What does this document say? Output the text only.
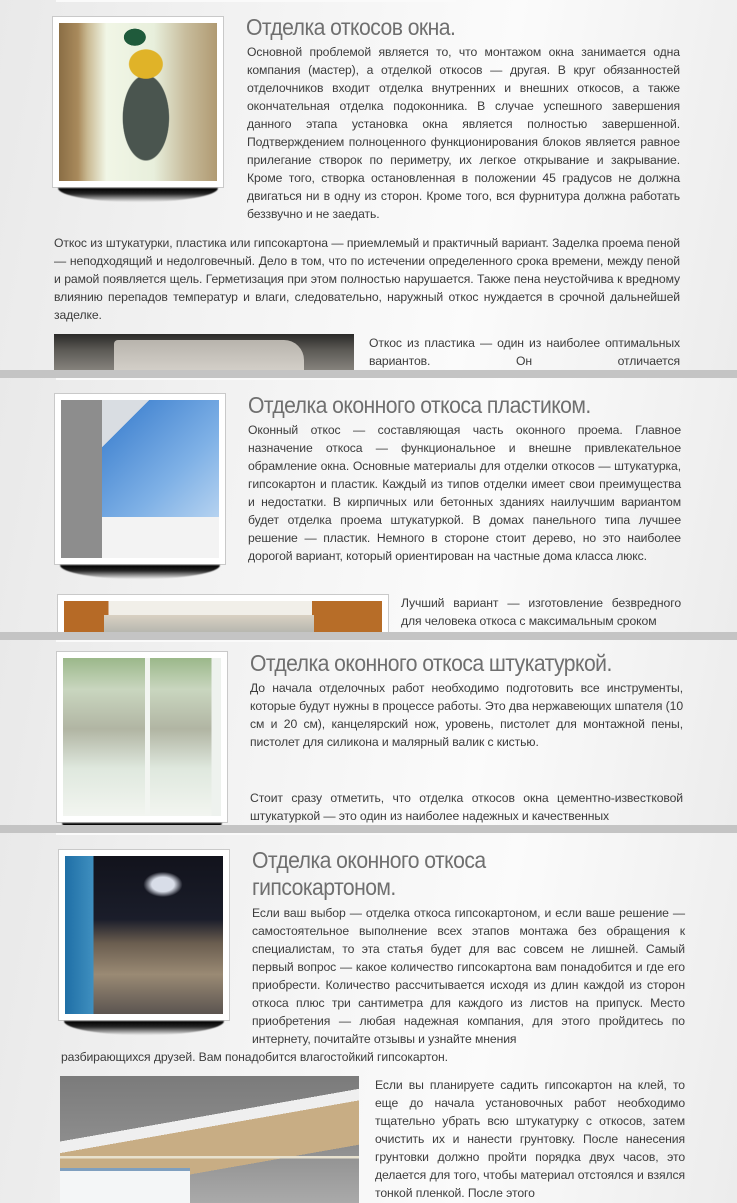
Отделка откосов окна.

Основной проблемой является то, что монтажом окна занимается одна компания (мастер), а отделкой откосов — другая. В круг обязанностей отделочников входит отделка внутренних и внешних откосов, а также окончательная отделка подоконника. В случае успешного завершения данного этапа установка окна является полностью завершенной. Подтверждением полноценного функционирования блоков является равное прилегание створок по периметру, их легкое открывание и закрывание. Кроме того, створка остановленная в положении 45 градусов не должна двигаться ни в одну из сторон. Кроме того, вся фурнитура должна работать беззвучно и не заедать.

Откос из штукатурки, пластика или гипсокартона — приемлемый и практичный вариант. Заделка проема пеной — неподходящий и недолговечный. Дело в том, что по истечении определенного срока времени, между пеной и рамой появляется щель. Герметизация при этом полностью нарушается. Также пена неустойчива к вредному влиянию перепадов температур и влаги, следовательно, наружный откос нуждается в срочной дальнейшей заделке.

Откос из пластика — один из наиболее оптимальных вариантов. Он отличается

Отделка оконного откоса пластиком.

Оконный откос — составляющая часть оконного проема. Главное назначение откоса — функциональное и внешне привлекательное обрамление окна. Основные материалы для отделки откосов — штукатурка, гипсокартон и пластик. Каждый из типов отделки имеет свои преимущества и недостатки. В кирпичных или бетонных зданиях наилучшим вариантом будет отделка проема штукатуркой. В домах панельного типа лучшее решение — пластик. Немного в стороне стоит дерево, но это наиболее дорогой вариант, который ориентирован на частные дома класса люкс.

Лучший вариант — изготовление безвредного для человека откоса с максимальным сроком

Отделка оконного откоса штукатуркой.

До начала отделочных работ необходимо подготовить все инструменты, которые будут нужны в процессе работы. Это два нержавеющих шпателя (10 см и 20 см), канцелярский нож, уровень, пистолет для монтажной пены, пистолет для силикона и малярный валик с кистью.

Стоит сразу отметить, что отделка откосов окна цементно-известковой штукатуркой — это один из наиболее надежных и качественных

Отделка оконного откоса гипсокартоном.

Если ваш выбор — отделка откоса гипсокартоном, и если ваше решение — самостоятельное выполнение всех этапов монтажа без обращения к специалистам, то эта статья будет для вас совсем не лишней. Самый первый вопрос — какое количество гипсокартона вам понадобится и где его приобрести. Количество рассчитывается исходя из длин каждой из сторон откоса плюс три сантиметра для каждого из листов на припуск. Место приобретения — любая надежная компания, для этого пройдитесь по интернету, почитайте отзывы и узнайте мнения

разбирающихся друзей. Вам понадобится влагостойкий гипсокартон.

Если вы планируете садить гипсокартон на клей, то еще до начала установочных работ необходимо тщательно убрать всю штукатурку с откосов, затем очистить их и нанести грунтовку. После нанесения грунтовки должно пройти порядка двух часов, это делается для того, чтобы материал отстоялся и взялся тонкой пленкой. После этого
